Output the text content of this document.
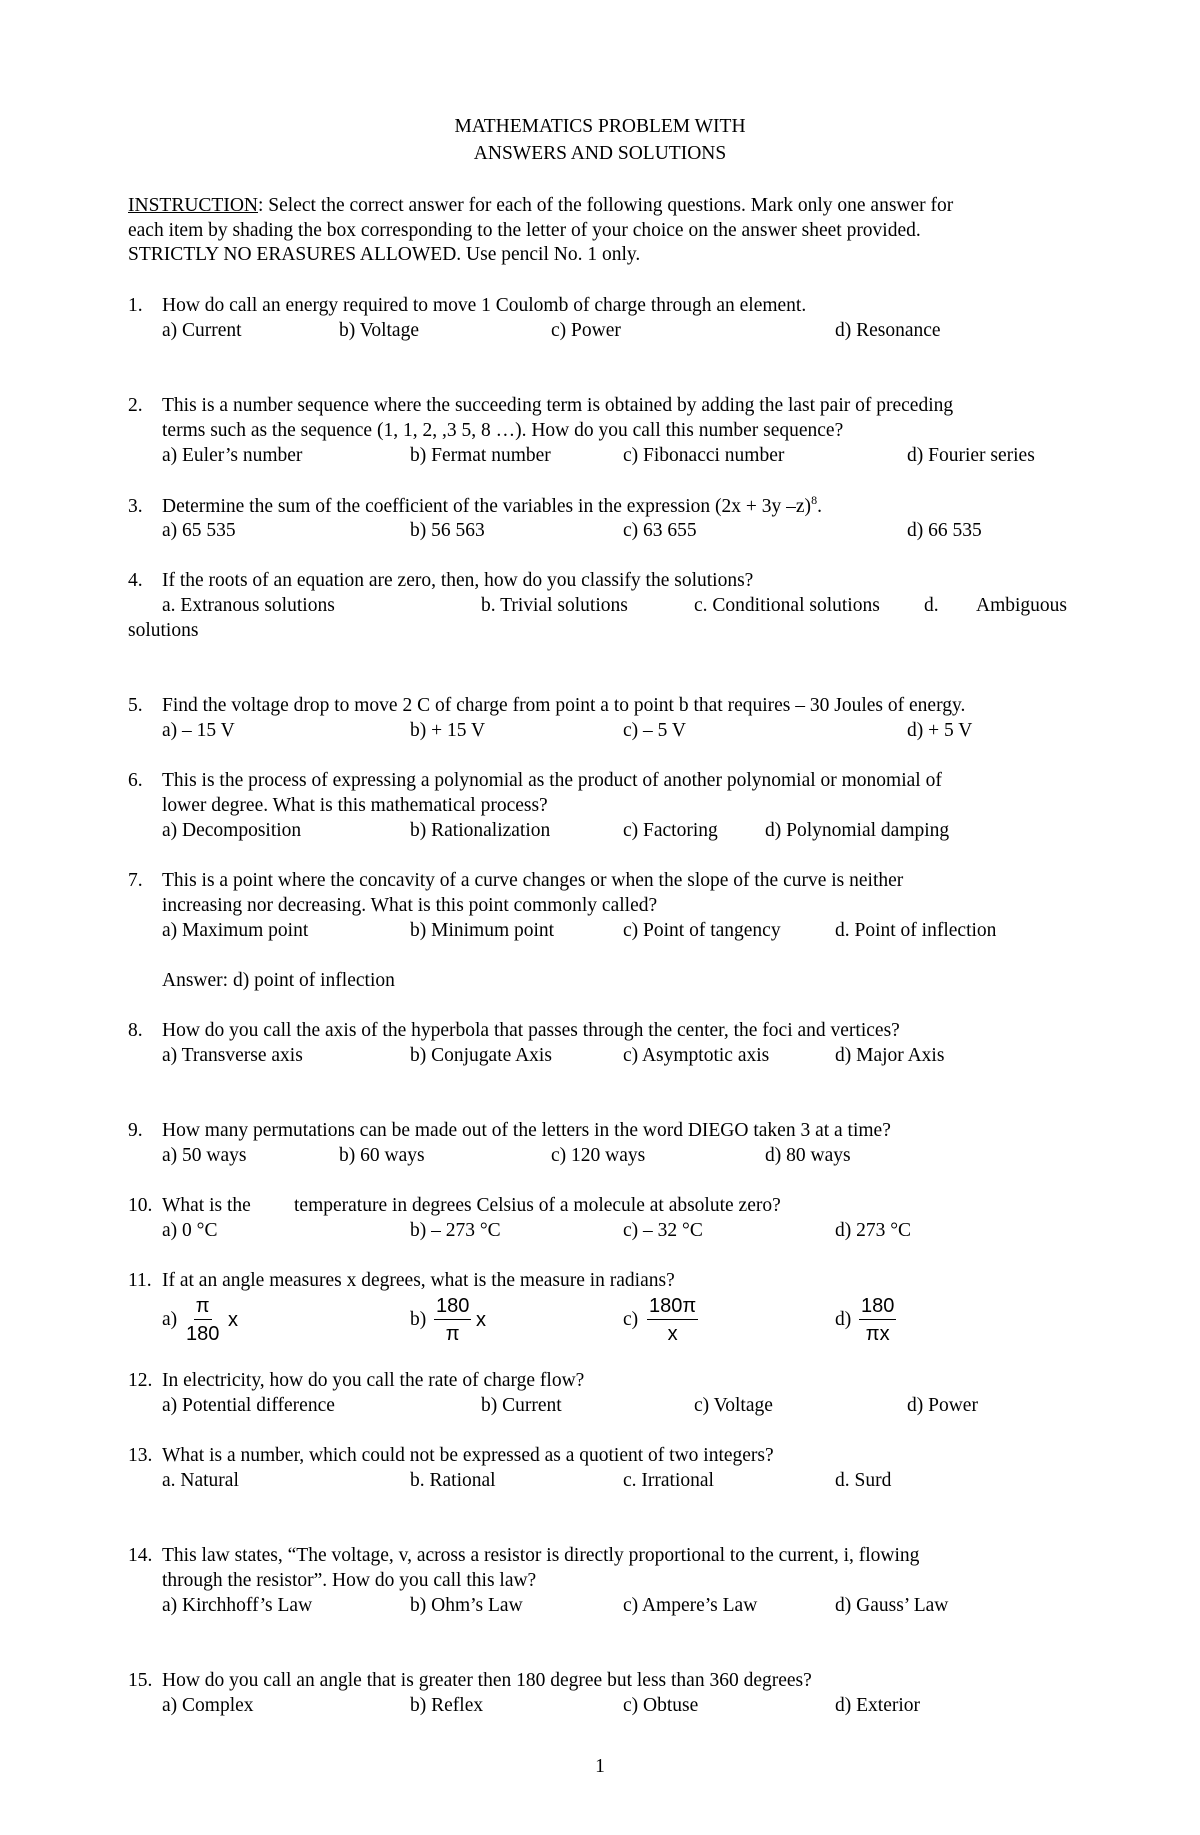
MATHEMATICS PROBLEM WITH
ANSWERS AND SOLUTIONS
INSTRUCTION: Select the correct answer for each of the following questions. Mark only one answer for
each item by shading the box corresponding to the letter of your choice on the answer sheet provided.
STRICTLY NO ERASURES ALLOWED. Use pencil No. 1 only.
1. How do call an energy required to move 1 Coulomb of charge through an element.
a) Current	b) Voltage	c) Power	d) Resonance
2. This is a number sequence where the succeeding term is obtained by adding the last pair of preceding
terms such as the sequence (1, 1, 2, ,3 5, 8 …). How do you call this number sequence?
a) Euler’s number	b) Fermat number	c) Fibonacci number	d) Fourier series
3. Determine the sum of the coefficient of the variables in the expression (2x + 3y –z)$^8$.
a) 65 535	b) 56 563	c) 63 655	d) 66 535
4. If the roots of an equation are zero, then, how do you classify the solutions?
a. Extranous solutions	b. Trivial solutions	c. Conditional solutions d. Ambiguous
solutions
5. Find the voltage drop to move 2 C of charge from point a to point b that requires – 30 Joules of energy.
a) – 15 V	b) + 15 V	c) – 5 V	d) + 5 V
6. This is the process of expressing a polynomial as the product of another polynomial or monomial of
lower degree. What is this mathematical process?
a) Decomposition	b) Rationalization	c) Factoring d) Polynomial damping
7. This is a point where the concavity of a curve changes or when the slope of the curve is neither
increasing nor decreasing. What is this point commonly called?
a) Maximum point	b) Minimum point	c) Point of tangency	d. Point of inflection
Answer: d) point of inflection
8. How do you call the axis of the hyperbola that passes through the center, the foci and vertices?
a) Transverse axis	b) Conjugate Axis	c) Asymptotic axis	d) Major Axis
9. How many permutations can be made out of the letters in the word DIEGO taken 3 at a time?
a) 50 ways	b) 60 ways	c) 120 ways	d) 80 ways
10. What is the temperature in degrees Celsius of a molecule at absolute zero?
a) 0 °C	b) – 273 °C	c) – 32 °C	d) 273 °C
11. If at an angle measures x degrees, what is the measure in radians?
$a) \frac{\pi}{180}$ x	$b) \frac{180}{\pi}$ x	$c) \frac{180\pi}{x}$	$d) \frac{180}{\pi x}$
12. In electricity, how do you call the rate of charge flow?
a) Potential difference	b) Current	c) Voltage	d) Power
13. What is a number, which could not be expressed as a quotient of two integers?
a. Natural	b. Rational	c. Irrational	d. Surd
14. This law states, “The voltage, v, across a resistor is directly proportional to the current, i, flowing
through the resistor”. How do you call this law?
a) Kirchhoff’s Law	b) Ohm’s Law	c) Ampere’s Law	d) Gauss’ Law
15. How do you call an angle that is greater then 180 degree but less than 360 degrees?
a) Complex	b) Reflex	c) Obtuse	d) Exterior
1
